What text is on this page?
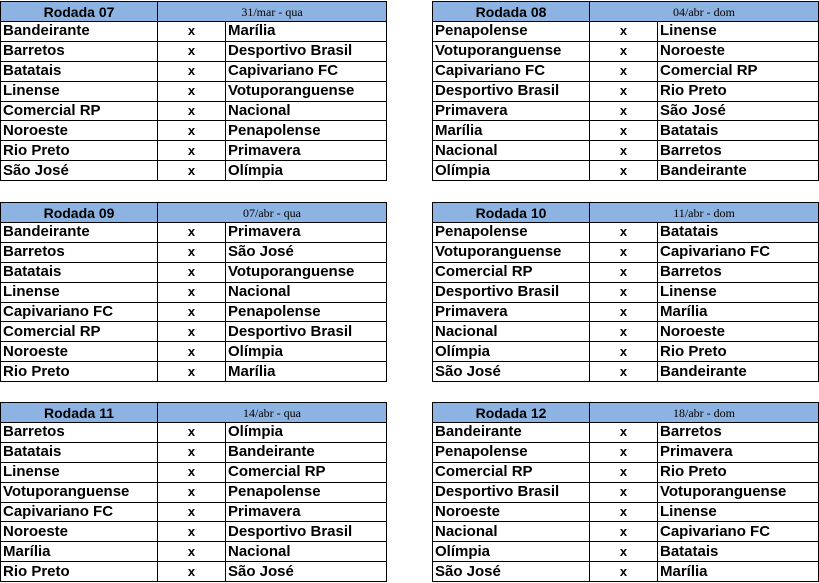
Rodada 07	31/mar - qua	
Bandeirante	x	Marília
Barretos	x	Desportivo Brasil
Batatais	x	Capivariano FC
Linense	x	Votuporanguense
Comercial RP	x	Nacional
Noroeste	x	Penapolense
Rio Preto	x	Primavera
São José	x	Olímpia
Rodada 08	04/abr - dom	
Penapolense	x	Linense
Votuporanguense	x	Noroeste
Capivariano FC	x	Comercial RP
Desportivo Brasil	x	Rio Preto
Primavera	x	São José
Marília	x	Batatais
Nacional	x	Barretos
Olímpia	x	Bandeirante
Rodada 09	07/abr - qua	
Bandeirante	x	Primavera
Barretos	x	São José
Batatais	x	Votuporanguense
Linense	x	Nacional
Capivariano FC	x	Penapolense
Comercial RP	x	Desportivo Brasil
Noroeste	x	Olímpia
Rio Preto	x	Marília
Rodada 10	11/abr - dom	
Penapolense	x	Batatais
Votuporanguense	x	Capivariano FC
Comercial RP	x	Barretos
Desportivo Brasil	x	Linense
Primavera	x	Marília
Nacional	x	Noroeste
Olímpia	x	Rio Preto
São José	x	Bandeirante
Rodada 11	14/abr - qua	
Barretos	x	Olímpia
Batatais	x	Bandeirante
Linense	x	Comercial RP
Votuporanguense	x	Penapolense
Capivariano FC	x	Primavera
Noroeste	x	Desportivo Brasil
Marília	x	Nacional
Rio Preto	x	São José
Rodada 12	18/abr - dom	
Bandeirante	x	Barretos
Penapolense	x	Primavera
Comercial RP	x	Rio Preto
Desportivo Brasil	x	Votuporanguense
Noroeste	x	Linense
Nacional	x	Capivariano FC
Olímpia	x	Batatais
São José	x	Marília
